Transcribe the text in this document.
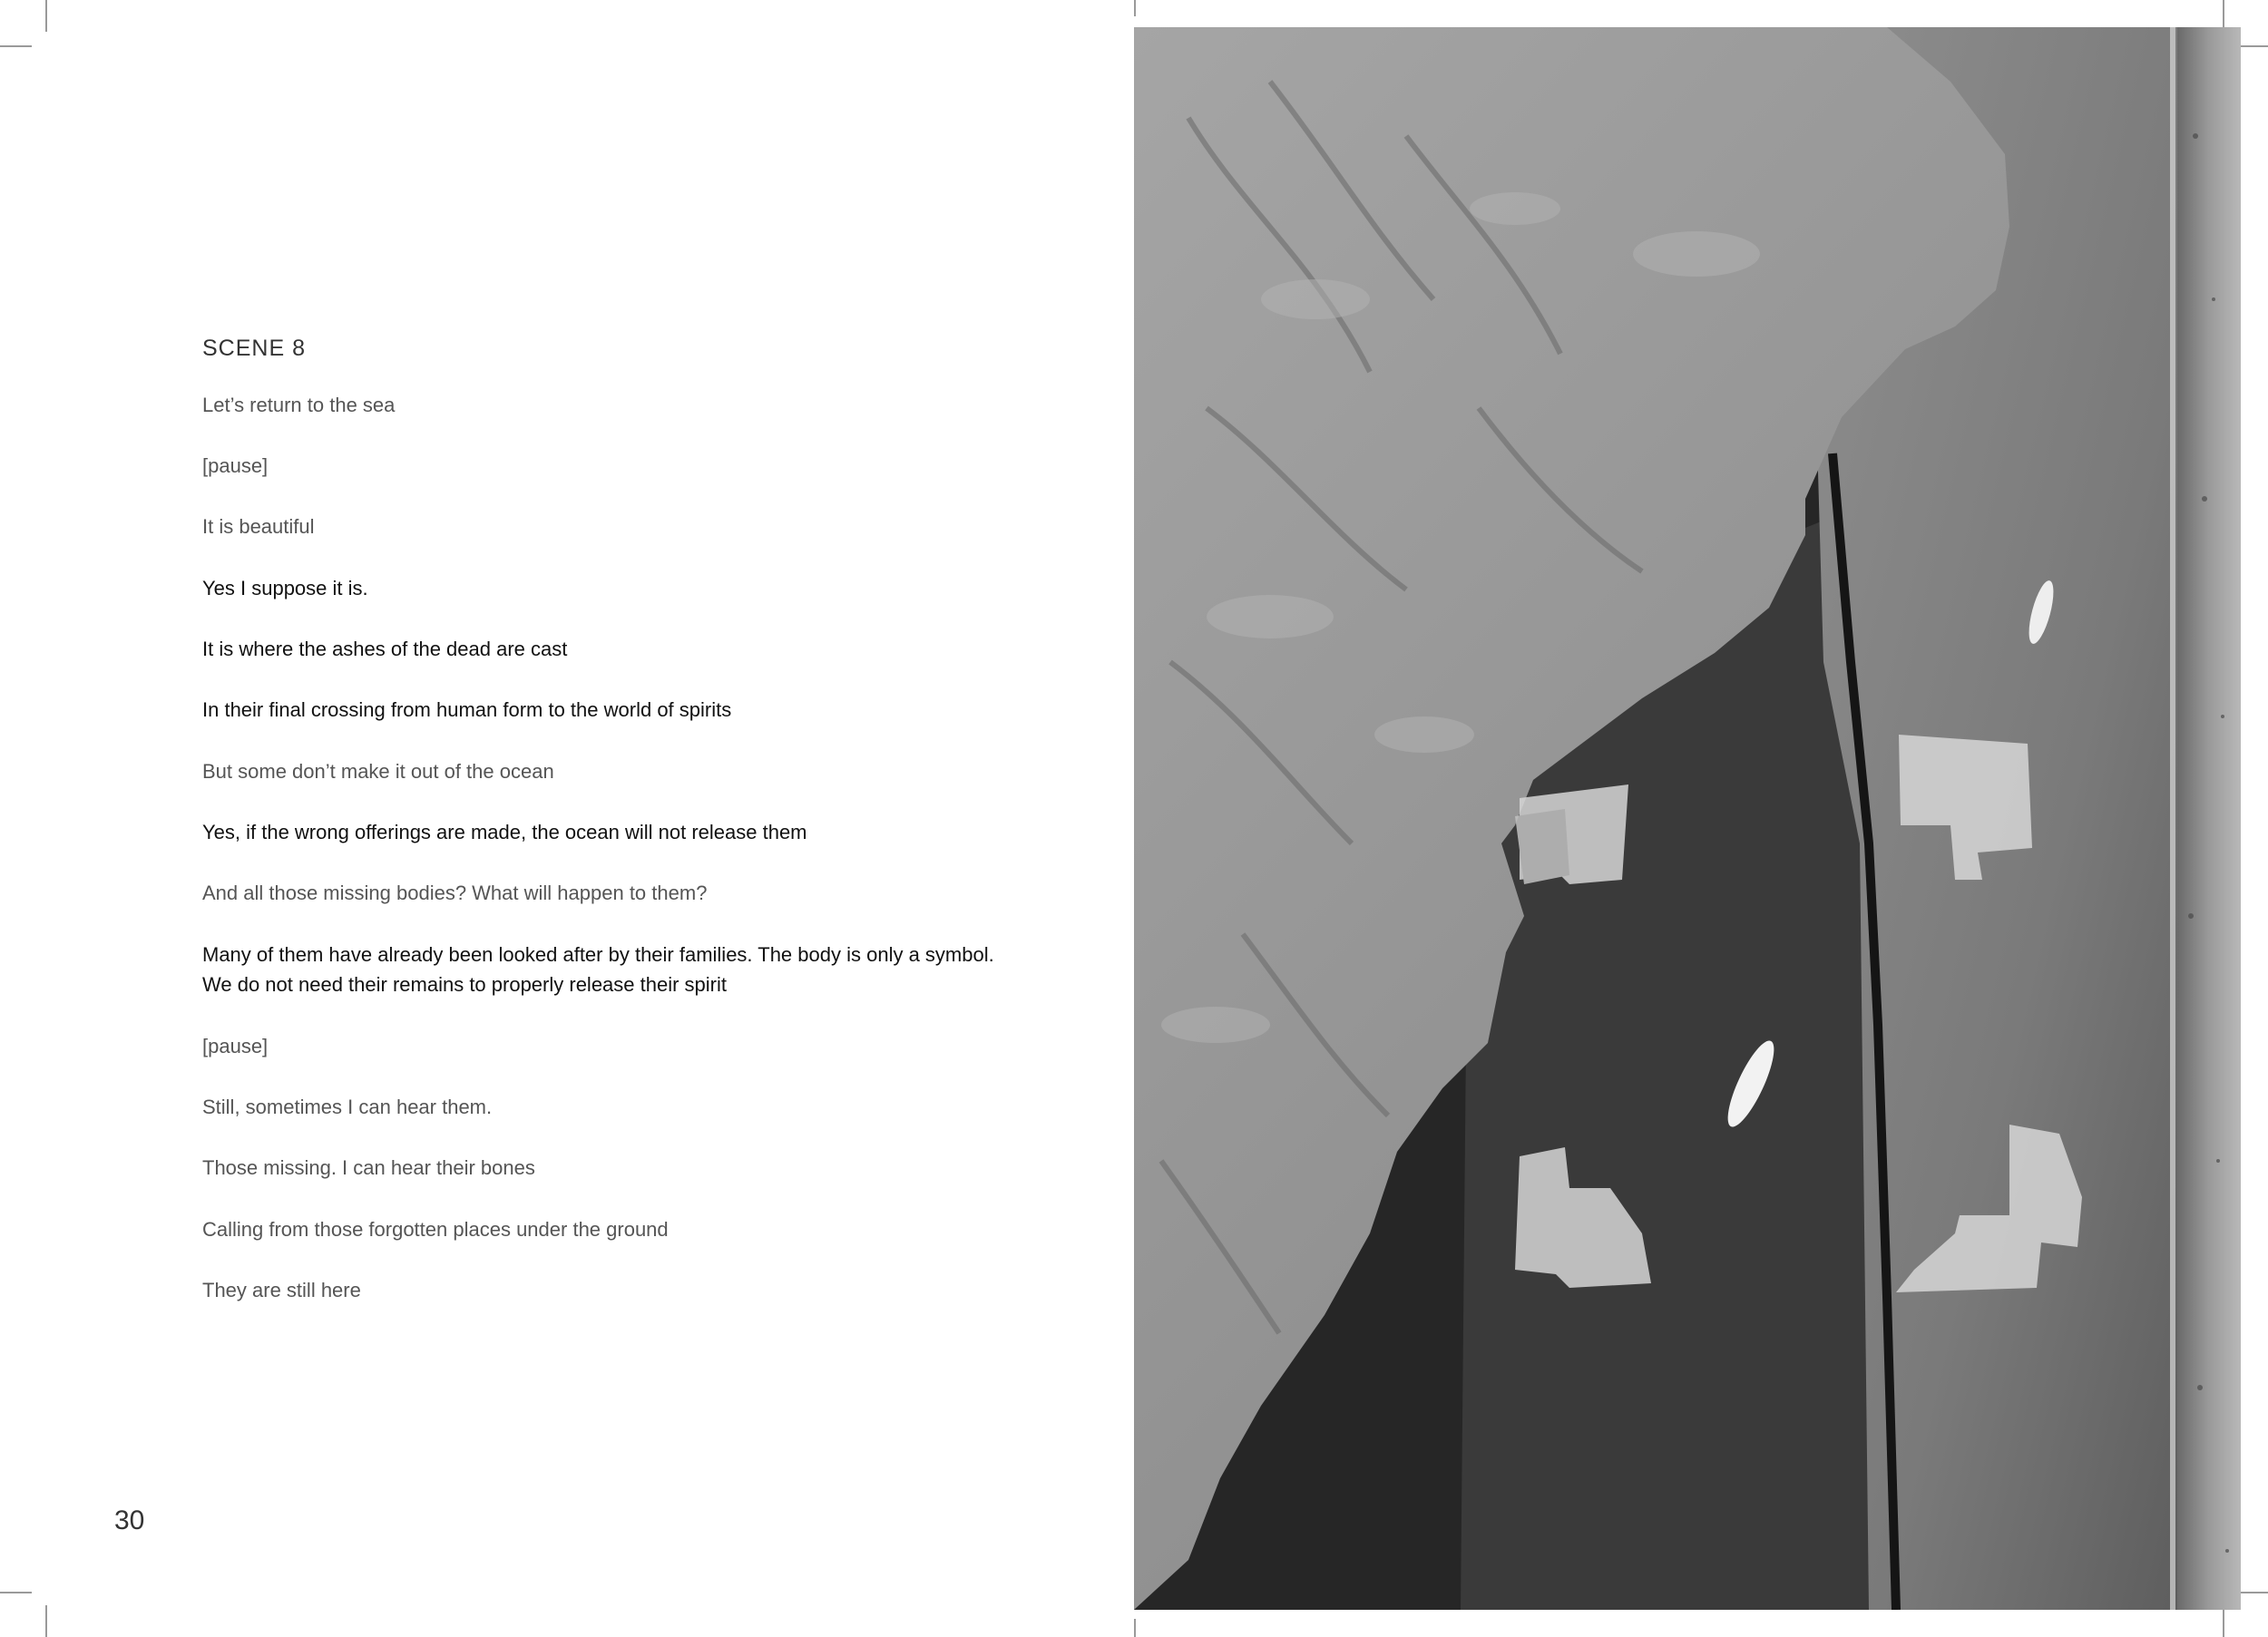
SCENE 8

Let’s return to the sea

[pause]

It is beautiful

Yes I suppose it is.

It is where the ashes of the dead are cast

In their final crossing from human form to the world of spirits

But some don’t make it out of the ocean

Yes, if the wrong offerings are made, the ocean will not release them

And all those missing bodies? What will happen to them?

Many of them have already been looked after by their families. The body is only a symbol.

We do not need their remains to properly release their spirit

[pause]

Still, sometimes I can hear them.

Those missing. I can hear their bones

Calling from those forgotten places under the ground

They are still here

30
